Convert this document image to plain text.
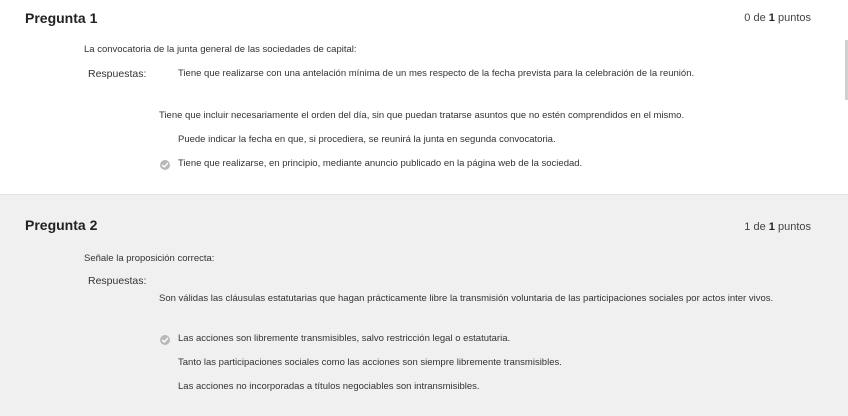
Pregunta 1	0 de 1 puntos
La convocatoria de la junta general de las sociedades de capital:
Respuestas:	Tiene que realizarse con una antelación mínima de un mes respecto de la fecha prevista para la celebración de la reunión.
Tiene que incluir necesariamente el orden del día, sin que puedan tratarse asuntos que no estén comprendidos en el mismo.
Puede indicar la fecha en que, si procediera, se reunirá la junta en segunda convocatoria.
Tiene que realizarse, en principio, mediante anuncio publicado en la página web de la sociedad.
Pregunta 2	1 de 1 puntos
Señale la proposición correcta:
Respuestas:
Son válidas las cláusulas estatutarias que hagan prácticamente libre la transmisión voluntaria de las participaciones sociales por actos inter vivos.
Las acciones son libremente transmisibles, salvo restricción legal o estatutaria.
Tanto las participaciones sociales como las acciones son siempre libremente transmisibles.
Las acciones no incorporadas a títulos negociables son intransmisibles.
